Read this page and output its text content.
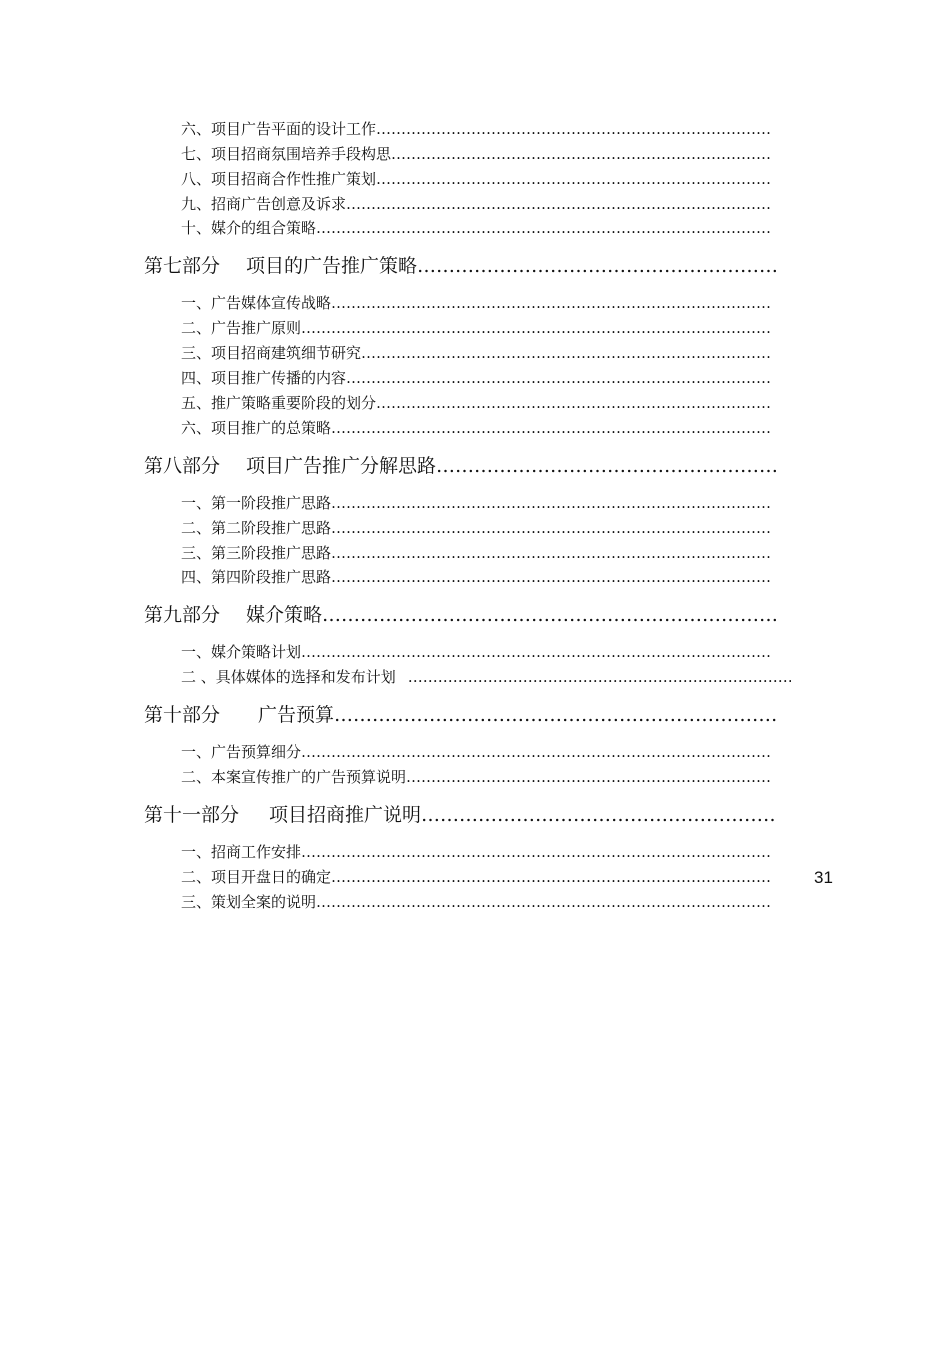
六、项目广告平面的设计工作
…………………………………………………………………………………………………………………………………………………………………………
七、项目招商氛围培养手段构思
…………………………………………………………………………………………………………………………………………………………………………
八、项目招商合作性推广策划
…………………………………………………………………………………………………………………………………………………………………………
九、招商广告创意及诉求
…………………………………………………………………………………………………………………………………………………………………………
十、媒介的组合策略
…………………………………………………………………………………………………………………………………………………………………………
第七部分 项目的广告推广策略
…………………………………………………………………………………………………………………………………………………………………………
一、广告媒体宣传战略
…………………………………………………………………………………………………………………………………………………………………………
二、广告推广原则
…………………………………………………………………………………………………………………………………………………………………………
三、项目招商建筑细节研究
…………………………………………………………………………………………………………………………………………………………………………
四、项目推广传播的内容
…………………………………………………………………………………………………………………………………………………………………………
五、推广策略重要阶段的划分
…………………………………………………………………………………………………………………………………………………………………………
六、项目推广的总策略
…………………………………………………………………………………………………………………………………………………………………………
第八部分 项目广告推广分解思路
…………………………………………………………………………………………………………………………………………………………………………
一、第一阶段推广思路
…………………………………………………………………………………………………………………………………………………………………………
二、第二阶段推广思路
…………………………………………………………………………………………………………………………………………………………………………
三、第三阶段推广思路
…………………………………………………………………………………………………………………………………………………………………………
四、第四阶段推广思路
…………………………………………………………………………………………………………………………………………………………………………
第九部分 媒介策略
…………………………………………………………………………………………………………………………………………………………………………
一、媒介策略计划
…………………………………………………………………………………………………………………………………………………………………………
二 、具体媒体的选择和发布计划
…………………………………………………………………………………………………………………………………………………………………………
第十部分 广告预算
…………………………………………………………………………………………………………………………………………………………………………
一、广告预算细分
…………………………………………………………………………………………………………………………………………………………………………
二、本案宣传推广的广告预算说明
…………………………………………………………………………………………………………………………………………………………………………
第十一部分 项目招商推广说明
…………………………………………………………………………………………………………………………………………………………………………
一、招商工作安排
…………………………………………………………………………………………………………………………………………………………………………
二、项目开盘日的确定
…………………………………………………………………………………………………………………………………………………………………………
三、策划全案的说明
…………………………………………………………………………………………………………………………………………………………………………
31
